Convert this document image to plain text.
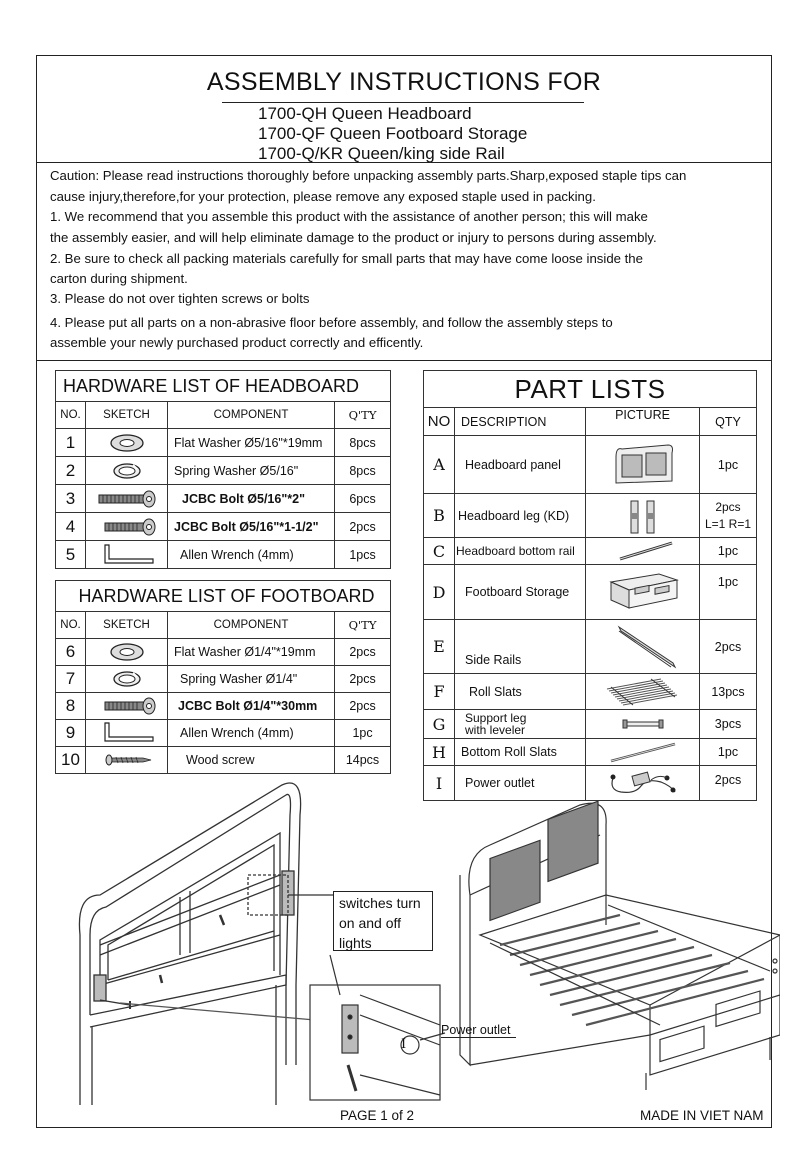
ASSEMBLY INSTRUCTIONS FOR
1700-QH Queen Headboard
1700-QF Queen Footboard Storage
1700-Q/KR Queen/king side Rail
Caution: Please read instructions thoroughly before unpacking assembly parts.Sharp,exposed staple tips can
cause injury,therefore,for your protection, please remove any exposed staple used in packing.
1. We recommend that you assemble this product with the assistance of another person; this will make
the assembly easier, and will help eliminate damage to the product or injury to persons during assembly.
2. Be sure to check all packing materials carefully for small parts that may have come loose inside the
carton during shipment.
3. Please do not over tighten screws or bolts
4. Please put all parts on a non-abrasive floor before assembly, and follow the assembly steps to
assemble your newly purchased product correctly and efficently.
HARDWARE LIST OF HEADBOARD			
NO.	SKETCH	COMPONENT	Q'TY
1		Flat Washer Ø5/16"*19mm	8pcs
2		Spring Washer Ø5/16"	8pcs
3		JCBC Bolt Ø5/16"*2"	6pcs
4		JCBC Bolt Ø5/16"*1-1/2"	2pcs
5		Allen Wrench (4mm)	1pcs
HARDWARE LIST OF FOOTBOARD			
NO.	SKETCH	COMPONENT	Q'TY
6		Flat Washer Ø1/4"*19mm	2pcs
7		Spring Washer Ø1/4"	2pcs
8		JCBC Bolt Ø1/4"*30mm	2pcs
9		Allen Wrench (4mm)	1pc
10		Wood screw	14pcs
PART LISTS			
NO	DESCRIPTION	PICTURE	QTY
A	Headboard panel		1pc
B	Headboard leg (KD)		2pcs
L=1 R=1

C	Headboard bottom rail		1pc
D	Footboard Storage		1pc
E	Side Rails		2pcs
F	Roll Slats		13pcs
G	Support leg
with leveler		3pcs
H	Bottom Roll Slats		1pc
I	Power outlet		2pcs
switches turn
on and off
lights
I
Power outlet
PAGE 1 of 2	MADE IN VIET NAM
